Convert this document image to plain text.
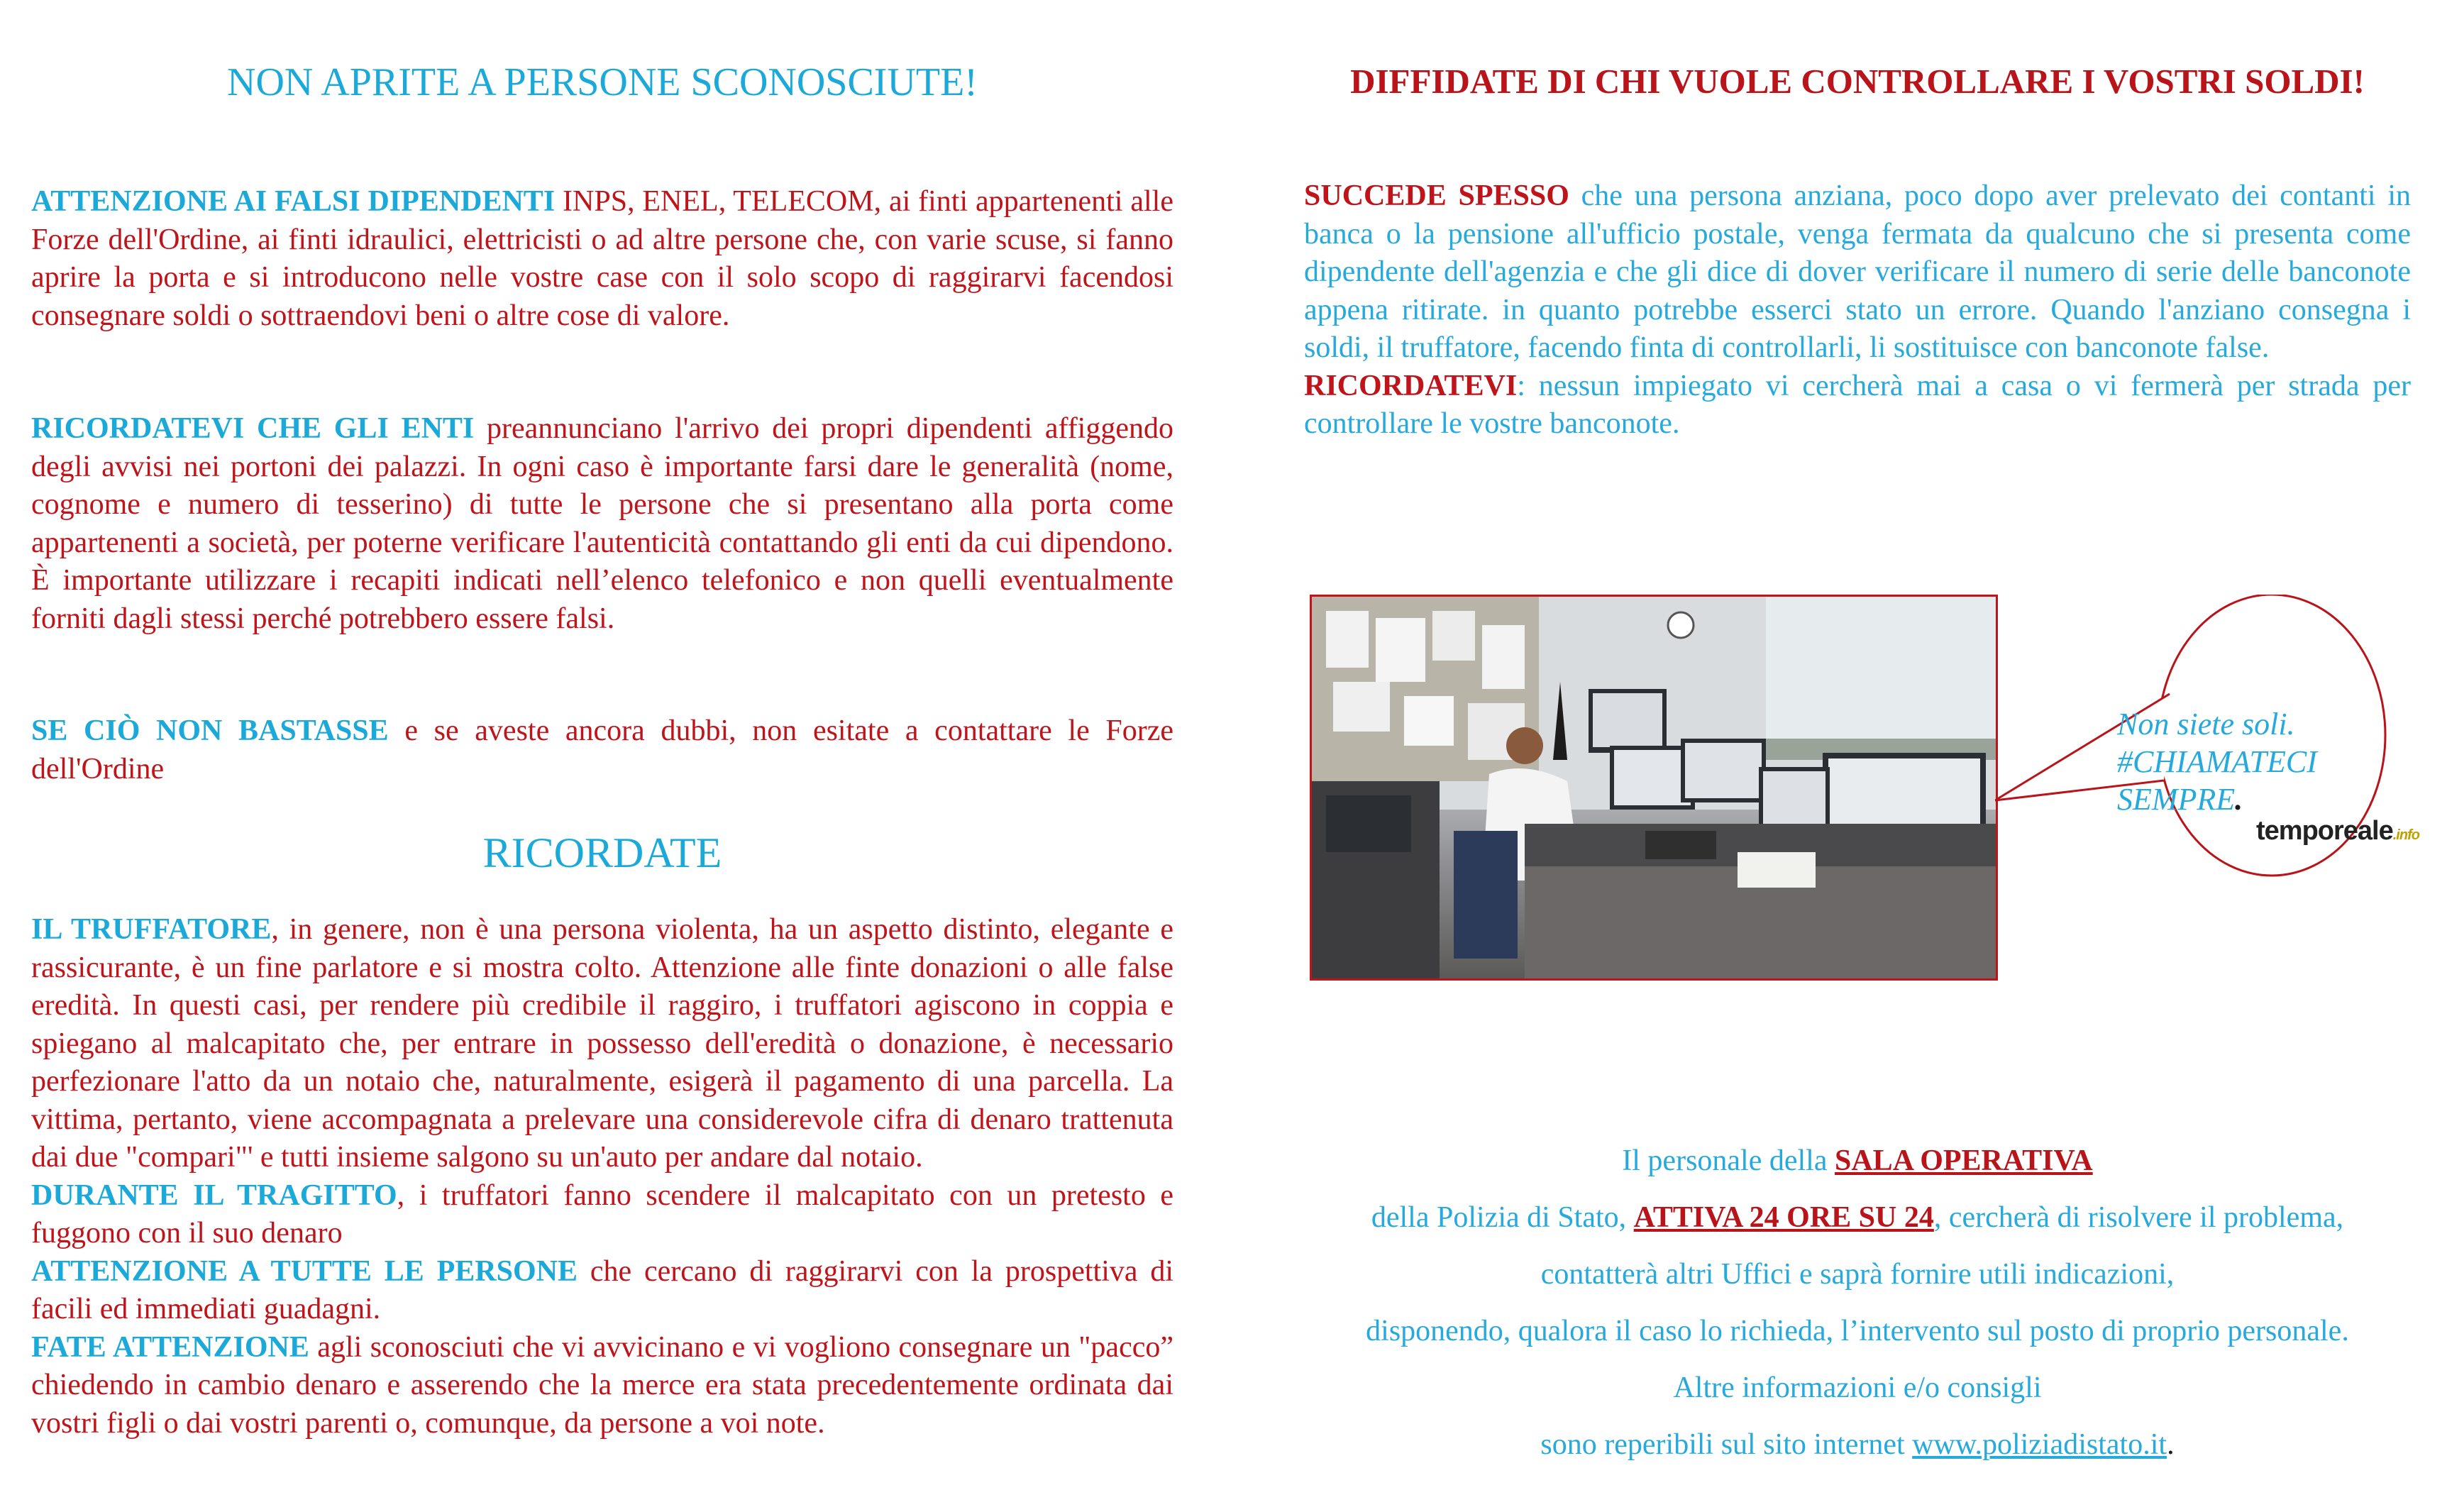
NON APRITE A PERSONE SCONOSCIUTE!

ATTENZIONE AI FALSI DIPENDENTI INPS, ENEL, TELECOM, ai finti appartenenti alle Forze dell'Ordine, ai finti idraulici, elettricisti o ad altre persone che, con varie scuse, si fanno aprire la porta e si introducono nelle vostre case con il solo scopo di raggirarvi facendosi consegnare soldi o sottraendovi beni o altre cose di valore.

RICORDATEVI CHE GLI ENTI preannunciano l'arrivo dei propri dipendenti affiggendo degli avvisi nei portoni dei palazzi. In ogni caso è importante farsi dare le generalità (nome, cognome e numero di tesserino) di tutte le persone che si presentano alla porta come appartenenti a società, per poterne verificare l'autenticità contattando gli enti da cui dipendono. È importante utilizzare i recapiti indicati nell’elenco telefonico e non quelli eventualmente forniti dagli stessi perché potrebbero essere falsi.

SE CIÒ NON BASTASSE e se aveste ancora dubbi, non esitate a contattare le Forze dell'Ordine

RICORDATE

IL TRUFFATORE, in genere, non è una persona violenta, ha un aspetto distinto, elegante e rassicurante, è un fine parlatore e si mostra colto. Attenzione alle finte donazioni o alle false eredità. In questi casi, per rendere più credibile il raggiro, i truffatori agiscono in coppia e spiegano al malcapitato che, per entrare in possesso dell'eredità o donazione, è necessario perfezionare l'atto da un notaio che, naturalmente, esigerà il pagamento di una parcella. La vittima, pertanto, viene accompagnata a prelevare una considerevole cifra di denaro trattenuta dai due "compari"' e tutti insieme salgono su un'auto per andare dal notaio.
DURANTE IL TRAGITTO, i truffatori fanno scendere il malcapitato con un pretesto e fuggono con il suo denaro
ATTENZIONE A TUTTE LE PERSONE che cercano di raggirarvi con la prospettiva di facili ed immediati guadagni.
FATE ATTENZIONE agli sconosciuti che vi avvicinano e vi vogliono consegnare un "pacco” chiedendo in cambio denaro e asserendo che la merce era stata precedentemente ordinata dai vostri figli o dai vostri parenti o, comunque, da persone a voi note.

DIFFIDATE DI CHI VUOLE CONTROLLARE I VOSTRI SOLDI!

SUCCEDE SPESSO che una persona anziana, poco dopo aver prelevato dei contanti in banca o la pensione all'ufficio postale, venga fermata da qualcuno che si presenta come dipendente dell'agenzia e che gli dice di dover verificare il numero di serie delle banconote appena ritirate. in quanto potrebbe esserci stato un errore. Quando l'anziano consegna i soldi, il truffatore, facendo finta di controllarli, li sostituisce con banconote false.
RICORDATEVI: nessun impiegato vi cercherà mai a casa o vi fermerà per strada per controllare le vostre banconote.

Non siete soli.
#CHIAMATECI
SEMPRE.

temporeale.info

Il personale della SALA OPERATIVA
della Polizia di Stato, ATTIVA 24 ORE SU 24, cercherà di risolvere il problema,
contatterà altri Uffici e saprà fornire utili indicazioni,
disponendo, qualora il caso lo richieda, l’intervento sul posto di proprio personale.
Altre informazioni e/o consigli
sono reperibili sul sito internet www.poliziadistato.it.
